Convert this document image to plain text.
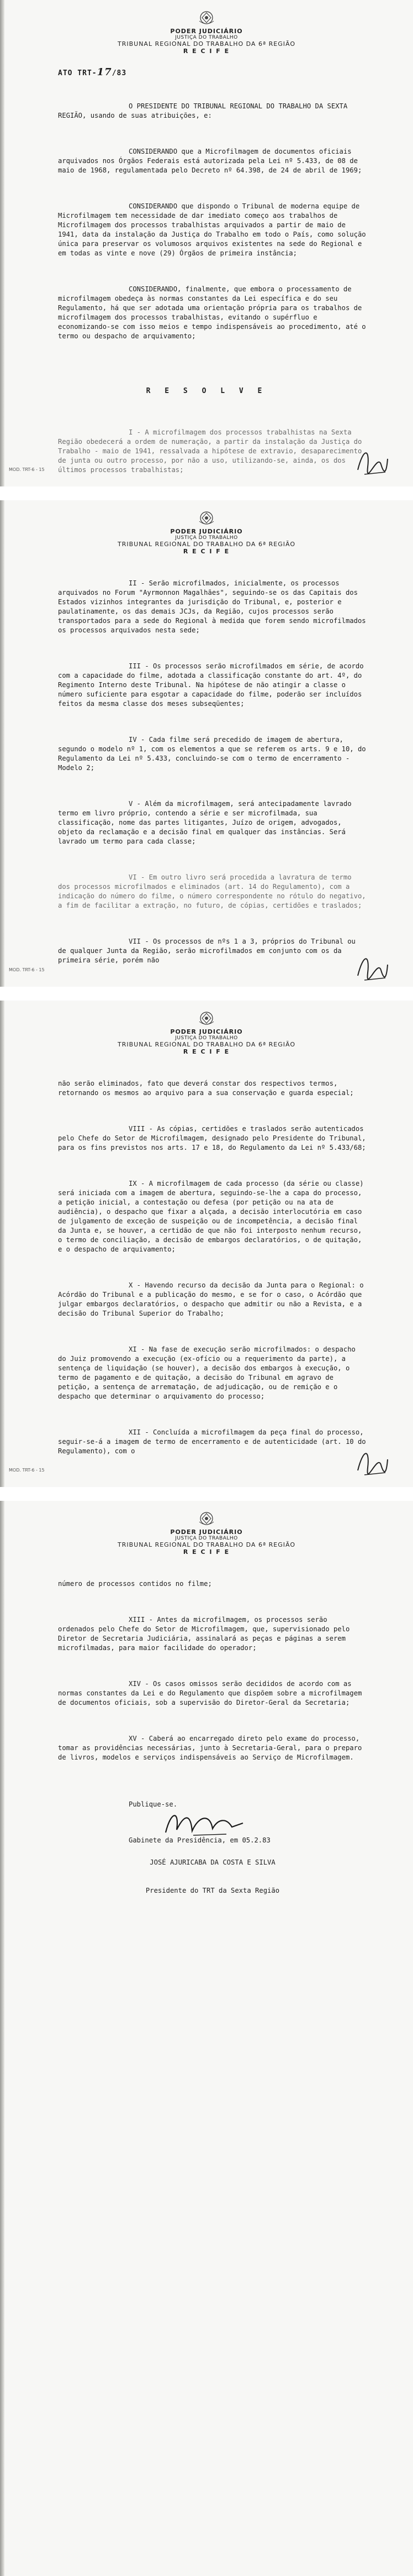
PODER JUDICIÁRIO
JUSTIÇA DO TRABALHO
TRIBUNAL REGIONAL DO TRABALHO DA 6ª REGIÃO
R E C I F E
ATO TRT-17/83

O PRESIDENTE DO TRIBUNAL REGIONAL DO TRABALHO DA SEXTA REGIÃO, usando de suas atribuições, e:

CONSIDERANDO que a Microfilmagem de documentos oficiais arquivados nos Órgãos Federais está autorizada pela Lei nº 5.433, de 08 de maio de 1968, regulamentada pelo Decreto nº 64.398, de 24 de abril de 1969;

CONSIDERANDO que dispondo o Tribunal de moderna equipe de Microfilmagem tem necessidade de dar imediato começo aos trabalhos de Microfilmagem dos processos trabalhistas arquivados a partir de maio de 1941, data da instalação da Justiça do Trabalho em todo o País, como solução única para preservar os volumosos arquivos existentes na sede do Regional e em todas as vinte e nove (29) Órgãos de primeira instância;

CONSIDERANDO, finalmente, que embora o processamento de microfilmagem obedeça às normas constantes da Lei específica e do seu Regulamento, há que ser adotada uma orientação própria para os trabalhos de microfilmagem dos processos trabalhistas, evitando o supérfluo e economizando-se com isso meios e tempo indispensáveis ao procedimento, até o termo ou despacho de arquivamento;

R E S O L V E

I - A microfilmagem dos processos trabalhistas na Sexta Região obedecerá a ordem de numeração, a partir da instalação da Justiça do Trabalho - maio de 1941, ressalvada a hipótese de extravio, desaparecimento de junta ou outro processo, por não a uso, utilizando-se, ainda, os dos últimos processos trabalhistas;

MOD. TRT-6 - 15
PODER JUDICIÁRIO
JUSTIÇA DO TRABALHO
TRIBUNAL REGIONAL DO TRABALHO DA 6ª REGIÃO
R E C I F E

II - Serão microfilmados, inicialmente, os processos arquivados no Forum "Ayrmonnon Magalhães", seguindo-se os das Capitais dos Estados vizinhos integrantes da jurisdição do Tribunal, e, posterior e paulatinamente, os das demais JCJs, da Região, cujos processos serão transportados para a sede do Regional à medida que forem sendo microfilmados os processos arquivados nesta sede;

III - Os processos serão microfilmados em série, de acordo com a capacidade do filme, adotada a classificação constante do art. 4º, do Regimento Interno deste Tribunal. Na hipótese de não atingir a classe o número suficiente para esgotar a capacidade do filme, poderão ser incluídos feitos da mesma classe dos meses subseqüentes;

IV - Cada filme será precedido de imagem de abertura, segundo o modelo nº 1, com os elementos a que se referem os arts. 9 e 10, do Regulamento da Lei nº 5.433, concluindo-se com o termo de encerramento - Modelo 2;

V - Além da microfilmagem, será antecipadamente lavrado termo em livro próprio, contendo a série e ser microfilmada, sua classificação, nome das partes litigantes, Juízo de origem, advogados, objeto da reclamação e a decisão final em qualquer das instâncias. Será lavrado um termo para cada classe;

VI - Em outro livro será procedida a lavratura de termo dos processos microfilmados e eliminados (art. 14 do Regulamento), com a indicação do número do filme, o número correspondente no rótulo do negativo, a fim de facilitar a extração, no futuro, de cópias, certidões e traslados;

VII - Os processos de nºs 1 a 3, próprios do Tribunal ou de qualquer Junta da Região, serão microfilmados em conjunto com os da primeira série, porém não

MOD. TRT-6 - 15
PODER JUDICIÁRIO
JUSTIÇA DO TRABALHO
TRIBUNAL REGIONAL DO TRABALHO DA 6ª REGIÃO
R E C I F E

não serão eliminados, fato que deverá constar dos respectivos termos, retornando os mesmos ao arquivo para a sua conservação e guarda especial;

VIII - As cópias, certidões e traslados serão autenticados pelo Chefe do Setor de Microfilmagem, designado pelo Presidente do Tribunal, para os fins previstos nos arts. 17 e 18, do Regulamento da Lei nº 5.433/68;

IX - A microfilmagem de cada processo (da série ou classe) será iniciada com a imagem de abertura, seguindo-se-lhe a capa do processo, a petição inicial, a contestação ou defesa (por petição ou na ata de audiência), o despacho que fixar a alçada, a decisão interlocutória em caso de julgamento de exceção de suspeição ou de incompetência, a decisão final da Junta e, se houver, a certidão de que não foi interposto nenhum recurso, o termo de conciliação, a decisão de embargos declaratórios, o de quitação, e o despacho de arquivamento;

X - Havendo recurso da decisão da Junta para o Regional: o Acórdão do Tribunal e a publicação do mesmo, e se for o caso, o Acórdão que julgar embargos declaratórios, o despacho que admitir ou não a Revista, e a decisão do Tribunal Superior do Trabalho;

XI - Na fase de execução serão microfilmados: o despacho do Juiz promovendo a execução (ex-ofício ou a requerimento da parte), a sentença de liquidação (se houver), a decisão dos embargos à execução, o termo de pagamento e de quitação, a decisão do Tribunal em agravo de petição, a sentença de arrematação, de adjudicação, ou de remição e o despacho que determinar o arquivamento do processo;

XII - Concluída a microfilmagem da peça final do processo, seguir-se-á a imagem de termo de encerramento e de autenticidade (art. 10 do Regulamento), com o

MOD. TRT-6 - 15
PODER JUDICIÁRIO
JUSTIÇA DO TRABALHO
TRIBUNAL REGIONAL DO TRABALHO DA 6ª REGIÃO
R E C I F E

número de processos contidos no filme;

XIII - Antes da microfilmagem, os processos serão ordenados pelo Chefe do Setor de Microfilmagem, que, supervisionado pelo Diretor de Secretaria Judiciária, assinalará as peças e páginas a serem microfilmadas, para maior facilidade do operador;

XIV - Os casos omissos serão decididos de acordo com as normas constantes da Lei e do Regulamento que dispõem sobre a microfilmagem de documentos oficiais, sob a supervisão do Diretor-Geral da Secretaria;

XV - Caberá ao encarregado direto pelo exame do processo, tomar as providências necessárias, junto à Secretaria-Geral, para o preparo de livros, modelos e serviços indispensáveis ao Serviço de Microfilmagem.

Publique-se.

Gabinete da Presidência, em 05.2.83

JOSÉ AJURICABA DA COSTA E SILVA

Presidente do TRT da Sexta Região
